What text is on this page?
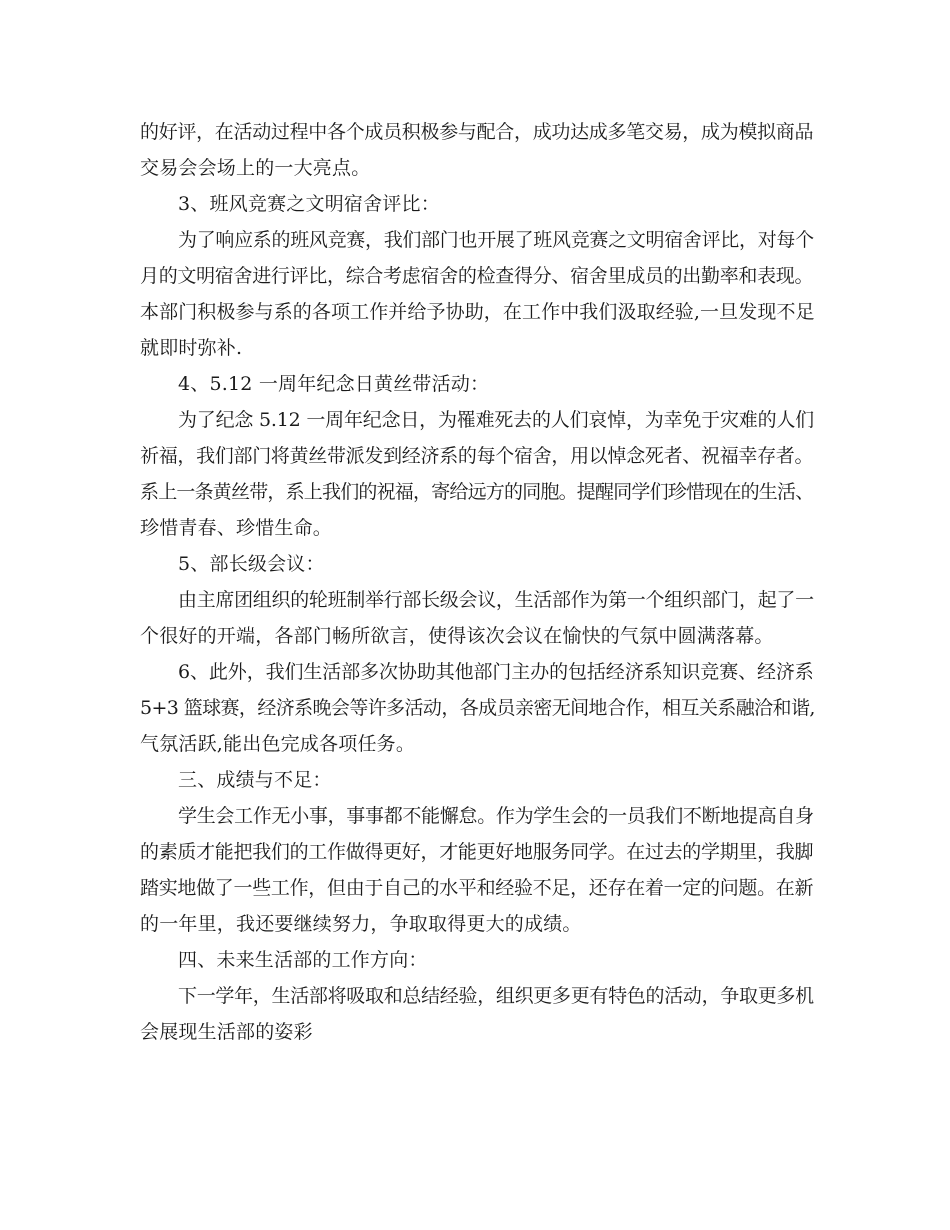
的好评，在活动过程中各个成员积极参与配合，成功达成多笔交易，成为模拟商品
交易会会场上的一大亮点。
3、班风竞赛之文明宿舍评比：
为了响应系的班风竞赛，我们部门也开展了班风竞赛之文明宿舍评比，对每个
月的文明宿舍进行评比，综合考虑宿舍的检查得分、宿舍里成员的出勤率和表现。
本部门积极参与系的各项工作并给予协助，在工作中我们汲取经验,一旦发现不足
就即时弥补.
4、5.12 一周年纪念日黄丝带活动：
为了纪念 5.12 一周年纪念日，为罹难死去的人们哀悼，为幸免于灾难的人们
祈福，我们部门将黄丝带派发到经济系的每个宿舍，用以悼念死者、祝福幸存者。
系上一条黄丝带，系上我们的祝福，寄给远方的同胞。提醒同学们珍惜现在的生活、
珍惜青春、珍惜生命。
5、部长级会议：
由主席团组织的轮班制举行部长级会议，生活部作为第一个组织部门，起了一
个很好的开端，各部门畅所欲言，使得该次会议在愉快的气氛中圆满落幕。
6、此外，我们生活部多次协助其他部门主办的包括经济系知识竞赛、经济系
5+3 篮球赛，经济系晚会等许多活动，各成员亲密无间地合作，相互关系融洽和谐,
气氛活跃,能出色完成各项任务。
三、成绩与不足：
学生会工作无小事，事事都不能懈怠。作为学生会的一员我们不断地提高自身
的素质才能把我们的工作做得更好，才能更好地服务同学。在过去的学期里，我脚
踏实地做了一些工作，但由于自己的水平和经验不足，还存在着一定的问题。在新
的一年里，我还要继续努力，争取取得更大的成绩。
四、未来生活部的工作方向：
下一学年，生活部将吸取和总结经验，组织更多更有特色的活动，争取更多机
会展现生活部的姿彩
